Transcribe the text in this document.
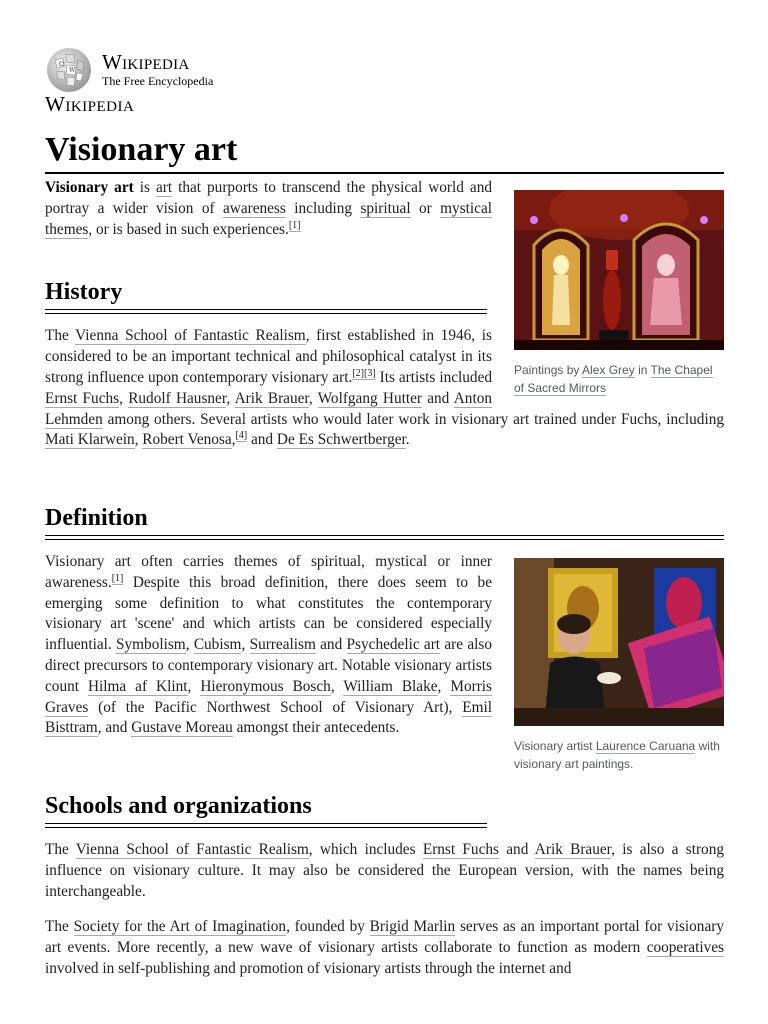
Ω
W Wikipedia
The Free Encyclopedia
Wikipedia
Visionary art
Paintings by Alex Grey in The Chapel of Sacred Mirrors

Visionary art is art that purports to transcend the physical world and portray a wider vision of awareness including spiritual or mystical themes, or is based in such experiences.[1]

History

The Vienna School of Fantastic Realism, first established in 1946, is considered to be an important technical and philosophical catalyst in its strong influence upon contemporary visionary art.[2][3] Its artists included Ernst Fuchs, Rudolf Hausner, Arik Brauer, Wolfgang Hutter and Anton Lehmden among others. Several artists who would later work in visionary art trained under Fuchs, including Mati Klarwein, Robert Venosa,[4] and De Es Schwertberger.

Definition
Visionary artist Laurence Caruana with visionary art paintings.

Visionary art often carries themes of spiritual, mystical or inner awareness.[1] Despite this broad definition, there does seem to be emerging some definition to what constitutes the contemporary visionary art 'scene' and which artists can be considered especially influential. Symbolism, Cubism, Surrealism and Psychedelic art are also direct precursors to contemporary visionary art. Notable visionary artists count Hilma af Klint, Hieronymous Bosch, William Blake, Morris Graves (of the Pacific Northwest School of Visionary Art), Emil Bisttram, and Gustave Moreau amongst their antecedents.

Schools and organizations

The Vienna School of Fantastic Realism, which includes Ernst Fuchs and Arik Brauer, is also a strong influence on visionary culture. It may also be considered the European version, with the names being interchangeable.

The Society for the Art of Imagination, founded by Brigid Marlin serves as an important portal for visionary art events. More recently, a new wave of visionary artists collaborate to function as modern cooperatives involved in self-publishing and promotion of visionary artists through the internet and
